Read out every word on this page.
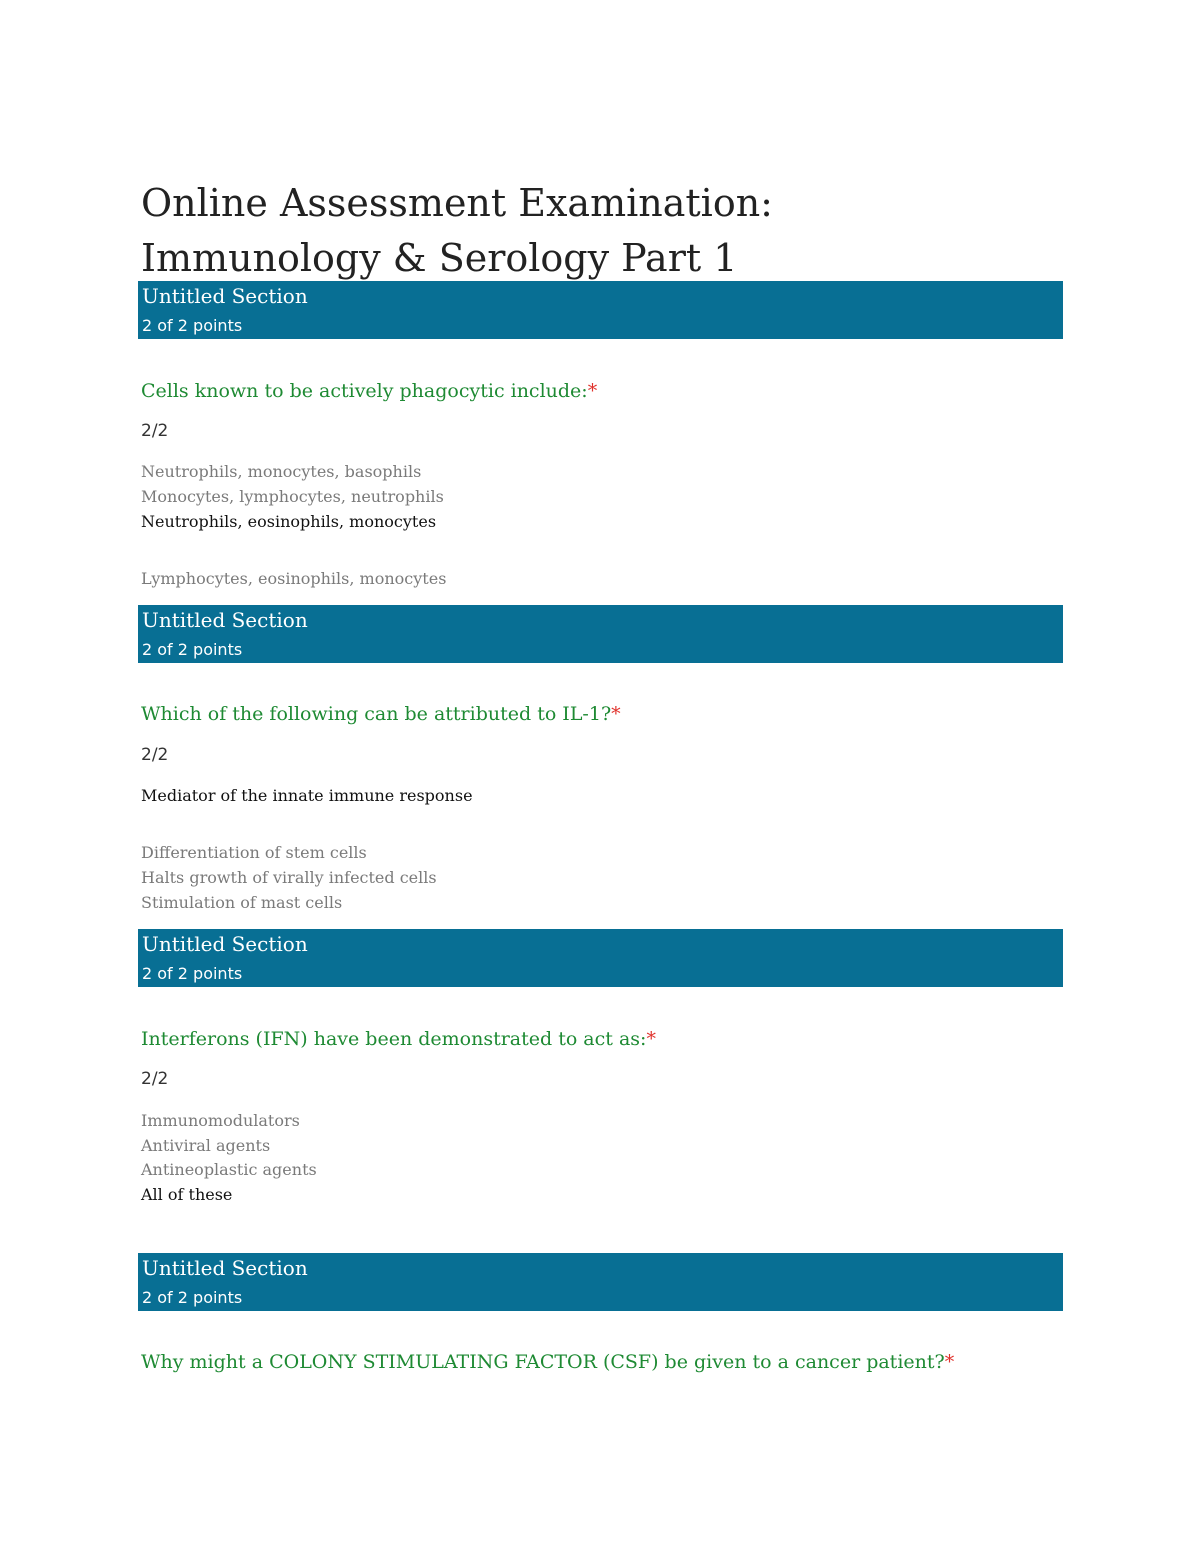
Online Assessment Examination:
Immunology & Serology Part 1
Untitled Section
2 of 2 points
Cells known to be actively phagocytic include:*
2/2
Neutrophils, monocytes, basophils
Monocytes, lymphocytes, neutrophils
Neutrophils, eosinophils, monocytes
Lymphocytes, eosinophils, monocytes
Untitled Section
2 of 2 points
Which of the following can be attributed to IL-1?*
2/2
Mediator of the innate immune response
Differentiation of stem cells
Halts growth of virally infected cells
Stimulation of mast cells
Untitled Section
2 of 2 points
Interferons (IFN) have been demonstrated to act as:*
2/2
Immunomodulators
Antiviral agents
Antineoplastic agents
All of these
Untitled Section
2 of 2 points
Why might a COLONY STIMULATING FACTOR (CSF) be given to a cancer patient?*
